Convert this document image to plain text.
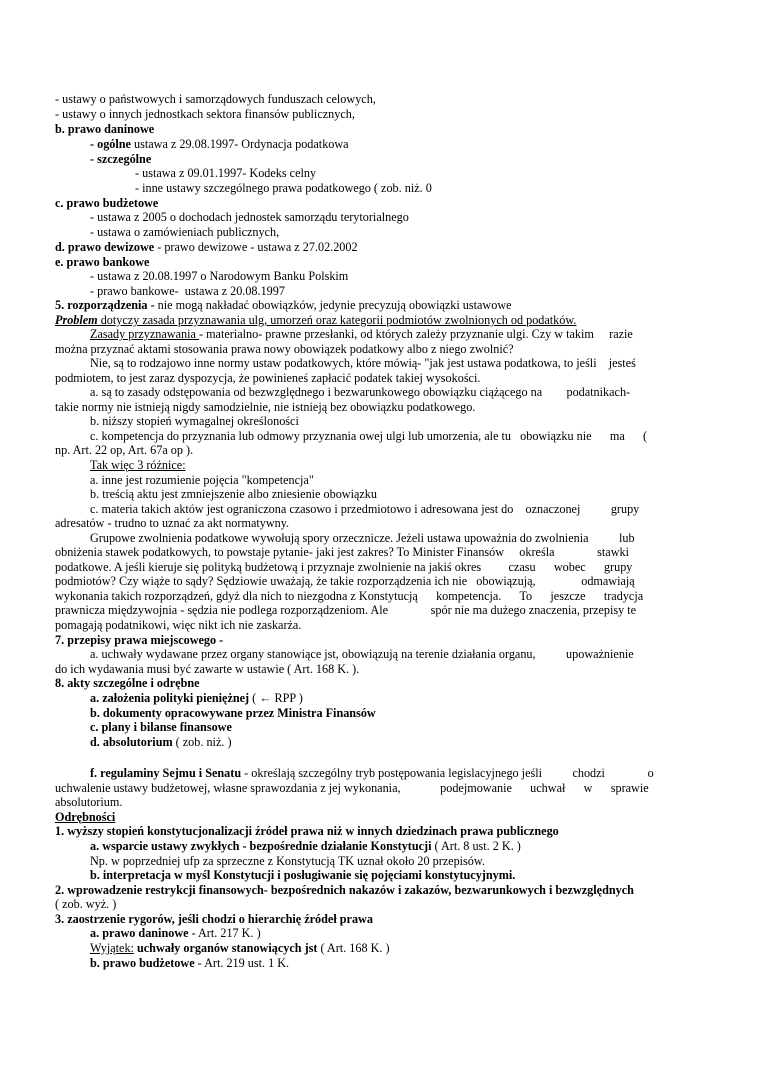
- ustawy o państwowych i samorządowych funduszach celowych,
- ustawy o innych jednostkach sektora finansów publicznych,
b. prawo daninowe
- ogólne ustawa z 29.08.1997- Ordynacja podatkowa
- szczególne
- ustawa z 09.01.1997- Kodeks celny
- inne ustawy szczególnego prawa podatkowego ( zob. niż. 0
c. prawo budżetowe
- ustawa z 2005 o dochodach jednostek samorządu terytorialnego
- ustawa o zamówieniach publicznych,
d. prawo dewizowe - prawo dewizowe - ustawa z 27.02.2002
e. prawo bankowe
- ustawa z 20.08.1997 o Narodowym Banku Polskim
- prawo bankowe-  ustawa z 20.08.1997
5. rozporządzenia - nie mogą nakładać obowiązków, jedynie precyzują obowiązki ustawowe
Problem dotyczy zasada przyznawania ulg, umorzeń oraz kategorii podmiotów zwolnionych od podatków.
Zasady przyznawania - materialno- prawne przesłanki, od których zależy przyznanie ulgi. Czy w takim     razie
można przyznać aktami stosowania prawa nowy obowiązek podatkowy albo z niego zwolnić?
Nie, są to rodzajowo inne normy ustaw podatkowych, które mówią- "jak jest ustawa podatkowa, to jeśli    jesteś
podmiotem, to jest zaraz dyspozycja, że powinieneś zapłacić podatek takiej wysokości.
a. są to zasady odstępowania od bezwzględnego i bezwarunkowego obowiązku ciążącego na        podatnikach-
takie normy nie istnieją nigdy samodzielnie, nie istnieją bez obowiązku podatkowego.
b. niższy stopień wymagalnej określoności
c. kompetencja do przyznania lub odmowy przyznania owej ulgi lub umorzenia, ale tu   obowiązku nie      ma      (
np. Art. 22 op, Art. 67a op ).
Tak więc 3 różnice:
a. inne jest rozumienie pojęcia "kompetencja"
b. treścią aktu jest zmniejszenie albo zniesienie obowiązku
c. materia takich aktów jest ograniczona czasowo i przedmiotowo i adresowana jest do    oznaczonej          grupy
adresatów - trudno to uznać za akt normatywny.
Grupowe zwolnienia podatkowe wywołują spory orzecznicze. Jeżeli ustawa upoważnia do zwolnienia          lub
obniżenia stawek podatkowych, to powstaje pytanie- jaki jest zakres? To Minister Finansów     określa              stawki
podatkowe. A jeśli kieruje się polityką budżetową i przyznaje zwolnienie na jakiś okres         czasu      wobec      grupy
podmiotów? Czy wiąże to sądy? Sędziowie uważają, że takie rozporządzenia ich nie   obowiązują,               odmawiają
wykonania takich rozporządzeń, gdyż dla nich to niezgodna z Konstytucją      kompetencja.      To      jeszcze      tradycja
prawnicza międzywojnia - sędzia nie podlega rozporządzeniom. Ale              spór nie ma dużego znaczenia, przepisy te
pomagają podatnikowi, więc nikt ich nie zaskarża.
7. przepisy prawa miejscowego -
a. uchwały wydawane przez organy stanowiące jst, obowiązują na terenie działania organu,          upoważnienie
do ich wydawania musi być zawarte w ustawie ( Art. 168 K. ).
8. akty szczególne i odrębne
a. założenia polityki pieniężnej ( ← RPP )
b. dokumenty opracowywane przez Ministra Finansów
c. plany i bilanse finansowe
d. absolutorium ( zob. niż. )
f. regulaminy Sejmu i Senatu - określają szczególny tryb postępowania legislacyjnego jeśli          chodzi              o
uchwalenie ustawy budżetowej, własne sprawozdania z jej wykonania,             podejmowanie      uchwał      w      sprawie
absolutorium.
Odrębności
1. wyższy stopień konstytucjonalizacji źródeł prawa niż w innych dziedzinach prawa publicznego
a. wsparcie ustawy zwykłych - bezpośrednie działanie Konstytucji ( Art. 8 ust. 2 K. )
Np. w poprzedniej ufp za sprzeczne z Konstytucją TK uznał około 20 przepisów.
b. interpretacja w myśl Konstytucji i posługiwanie się pojęciami konstytucyjnymi.
2. wprowadzenie restrykcji finansowych- bezpośrednich nakazów i zakazów, bezwarunkowych i bezwzględnych
( zob. wyż. )
3. zaostrzenie rygorów, jeśli chodzi o hierarchię źródeł prawa
a. prawo daninowe - Art. 217 K. )
Wyjątek: uchwały organów stanowiących jst ( Art. 168 K. )
b. prawo budżetowe - Art. 219 ust. 1 K.
